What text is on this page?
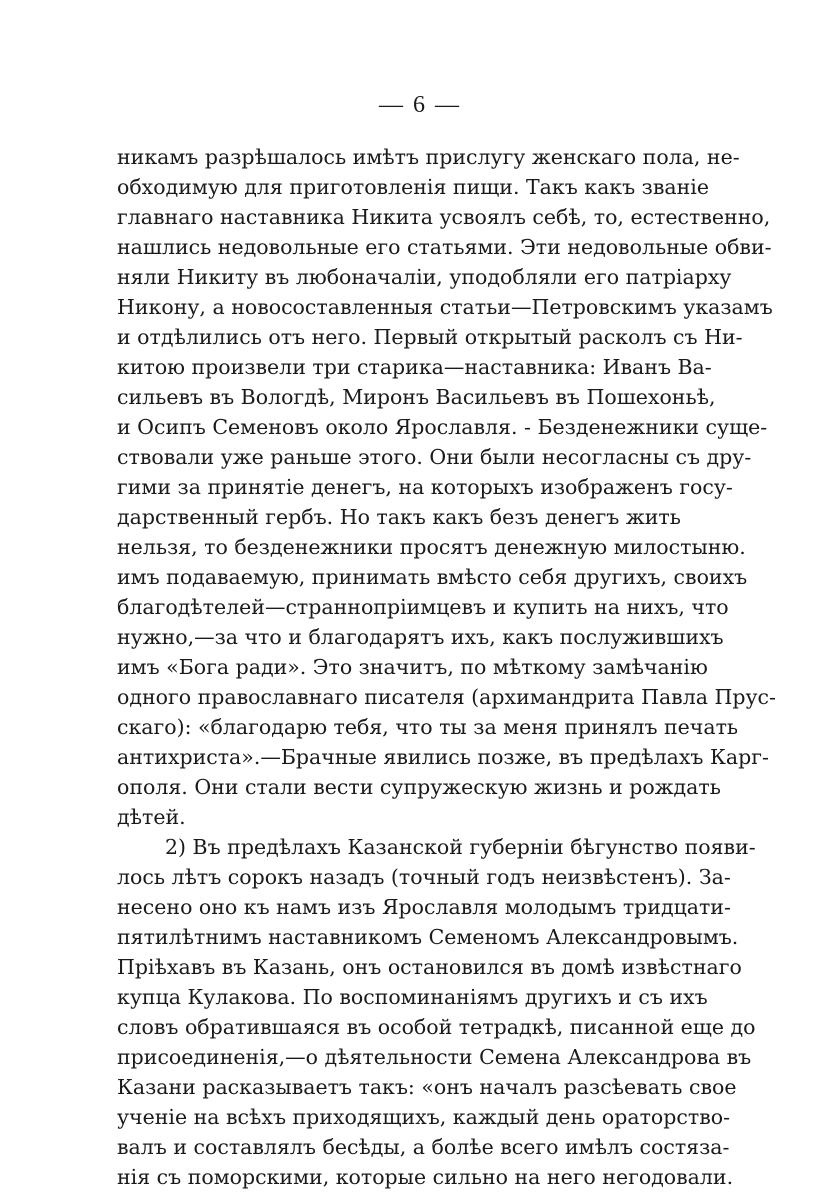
— 6 —
никамъ разрѣшалось имѣтъ прислугу женскаго пола, не-
обходимую для приготовленія пищи. Такъ какъ званіе
главнаго наставника Никита усвоялъ себѣ, то, естественно,
нашлись недовольные его статьями. Эти недовольные обви-
няли Никиту въ любоначаліи, уподобляли его патріарху
Никону, а новосоставленныя статьи—Петровскимъ указамъ
и отдѣлились отъ него. Первый открытый расколъ съ Ни-
китою произвели три старика—наставника: Иванъ Ва-
сильевъ въ Вологдѣ, Миронъ Васильевъ въ Пошехоньѣ,
и Осипъ Семеновъ около Ярославля. - Безденежники суще-
ствовали уже раньше этого. Они были несогласны съ дру-
гими за принятіе денегъ, на которыхъ изображенъ госу-
дарственный гербъ. Но такъ какъ безъ денегъ жить
нельзя, то безденежники просятъ денежную милостыню.
имъ подаваемую, принимать вмѣсто себя другихъ, своихъ
благодѣтелей—страннопріимцевъ и купить на нихъ, что
нужно,—за что и благодарятъ ихъ, какъ послужившихъ
имъ «Бога ради». Это значитъ, по мѣткому замѣчанію
одного православнаго писателя (архимандрита Павла Прус-
скаго): «благодарю тебя, что ты за меня принялъ печать
антихриста».—Брачные явились позже, въ предѣлахъ Карг-
ополя. Они стали вести супружескую жизнь и рождать
дѣтей.
2) Въ предѣлахъ Казанской губерніи бѣгунство появи-
лось лѣтъ сорокъ назадъ (точный годъ неизвѣстенъ). За-
несено оно къ намъ изъ Ярославля молодымъ тридцати-
пятилѣтнимъ наставникомъ Семеномъ Александровымъ.
Пріѣхавъ въ Казань, онъ остановился въ домѣ извѣстнаго
купца Кулакова. По воспоминаніямъ другихъ и съ ихъ
словъ обратившаяся въ особой тетрадкѣ, писанной еще до
присоединенія,—о дѣятельности Семена Александрова въ
Казани расказываетъ такъ: «онъ началъ разсѣевать свое
ученіе на всѣхъ приходящихъ, каждый день ораторство-
валъ и составлялъ бесѣды, а болѣе всего имѣлъ состяза-
нія съ поморскими, которые сильно на него негодовали.
